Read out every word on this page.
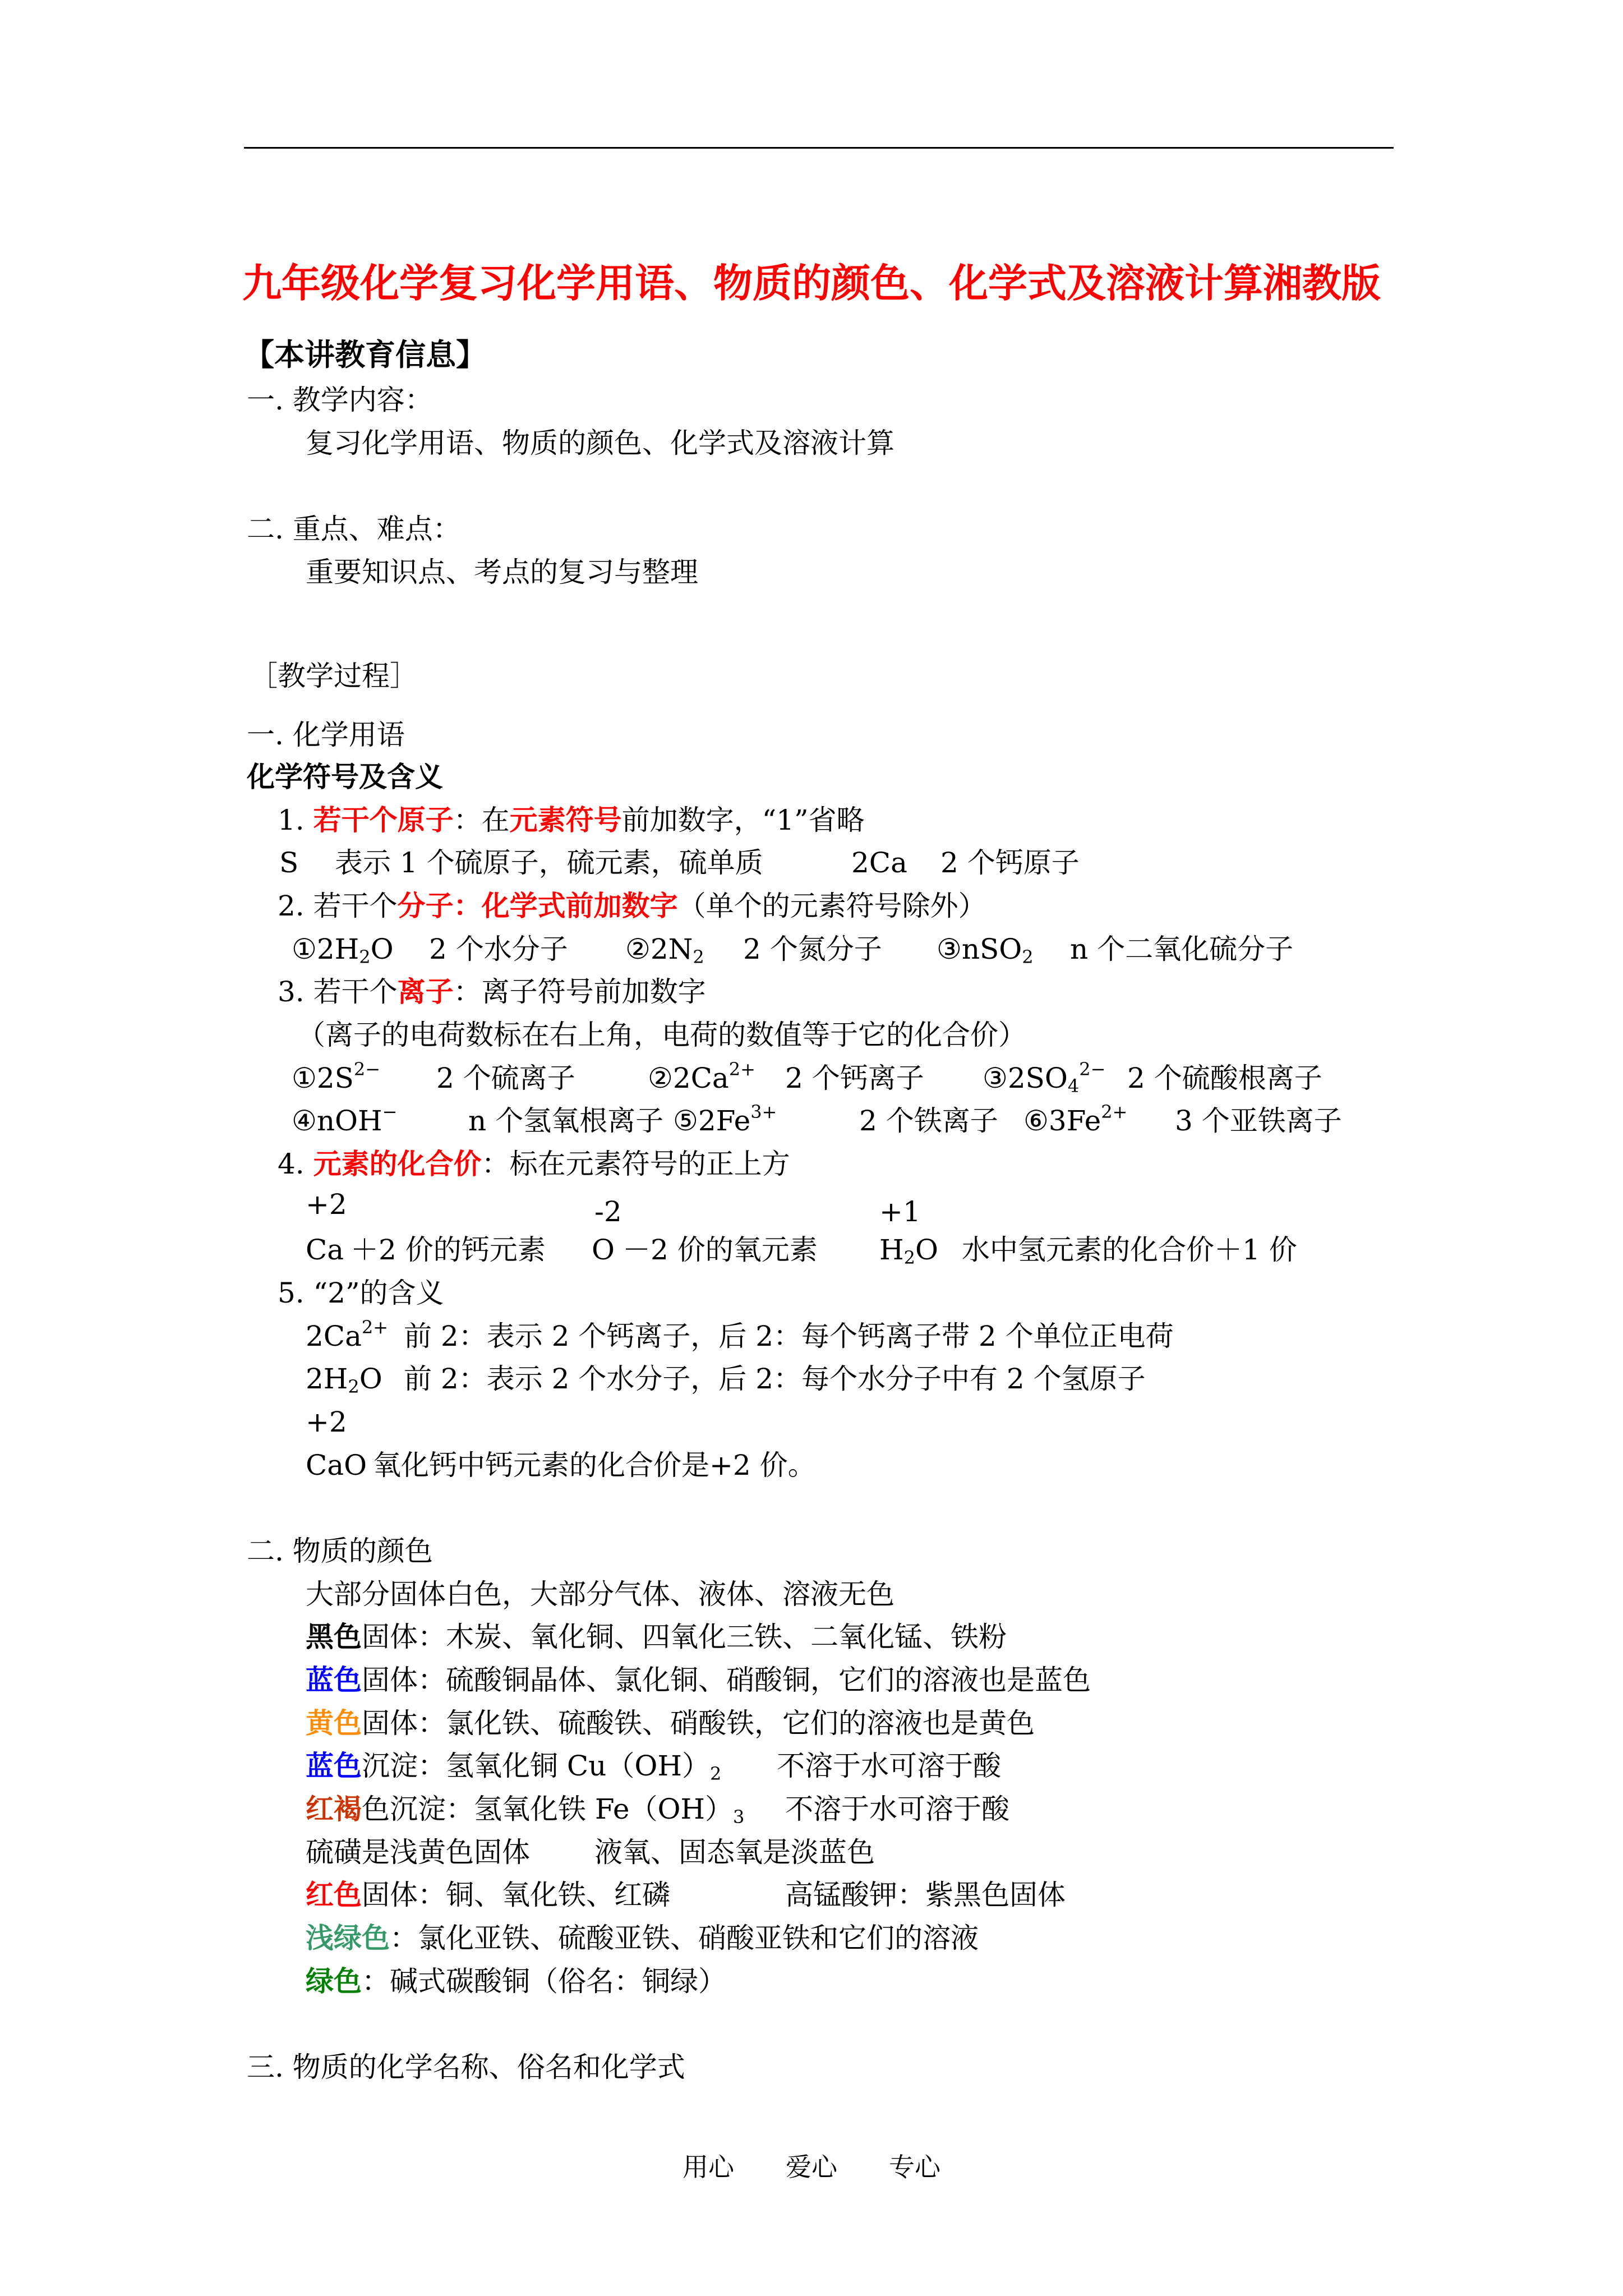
九年级化学复习化学用语、物质的颜色、化学式及溶液计算湘教版
【本讲教育信息】
一. 教学内容：
复习化学用语、物质的颜色、化学式及溶液计算
二. 重点、难点：
重要知识点、考点的复习与整理
［教学过程］
一. 化学用语
化学符号及含义
1. 若干个原子：在元素符号前加数字，“1”省略
S 表示 1 个硫原子，硫元素，硫单质	2Ca 2 个钙原子
2. 若干个分子：化学式前加数字（单个的元素符号除外）
$①2H_2O$ 2 个水分子 $②2N_2$ 2 个氮分子 ③nSO$_2$ n 个二氧化硫分子
3. 若干个离子：离子符号前加数字
（离子的电荷数标在右上角，电荷的数值等于它的化合价）
$①2S^{2-}$ 2 个硫离子	$②2Ca^{2+}$ 2 个钙离子 $③2SO_4^{2-}$ 2 个硫酸根离子
④nOH−	n 个氢氧根离子 $⑤2Fe^{3+}$	2 个铁离子 $⑥3Fe^{2+}$ 3 个亚铁离子
4. 元素的化合价：标在元素符号的正上方
+2	-2	+1
Ca ＋2 价的钙元素 O －2 价的氧元素 $H_2O$ 水中氢元素的化合价＋1 价
5. “2”的含义
$2Ca^{2+}$ 前 2：表示 2 个钙离子，后 2：每个钙离子带 2 个单位正电荷
$2H_2O$ 前 2：表示 2 个水分子，后 2：每个水分子中有 2 个氢原子
+2
CaO 氧化钙中钙元素的化合价是+2 价。
二. 物质的颜色
大部分固体白色，大部分气体、液体、溶液无色
黑色固体：木炭、氧化铜、四氧化三铁、二氧化锰、铁粉
蓝色固体：硫酸铜晶体、氯化铜、硝酸铜，它们的溶液也是蓝色
黄色固体：氯化铁、硫酸铁、硝酸铁，它们的溶液也是黄色
蓝色沉淀：氢氧化铜 $Cu(OH)_2$ 不溶于水可溶于酸
红褐色沉淀：氢氧化铁 $Fe(OH)_3$ 不溶于水可溶于酸
硫磺是浅黄色固体 液氧、固态氧是淡蓝色
红色固体：铜、氧化铁、红磷	高锰酸钾：紫黑色固体
浅绿色：氯化亚铁、硫酸亚铁、硝酸亚铁和它们的溶液
绿色：碱式碳酸铜（俗名：铜绿）
三. 物质的化学名称、俗名和化学式
用心　　爱心　　专心
